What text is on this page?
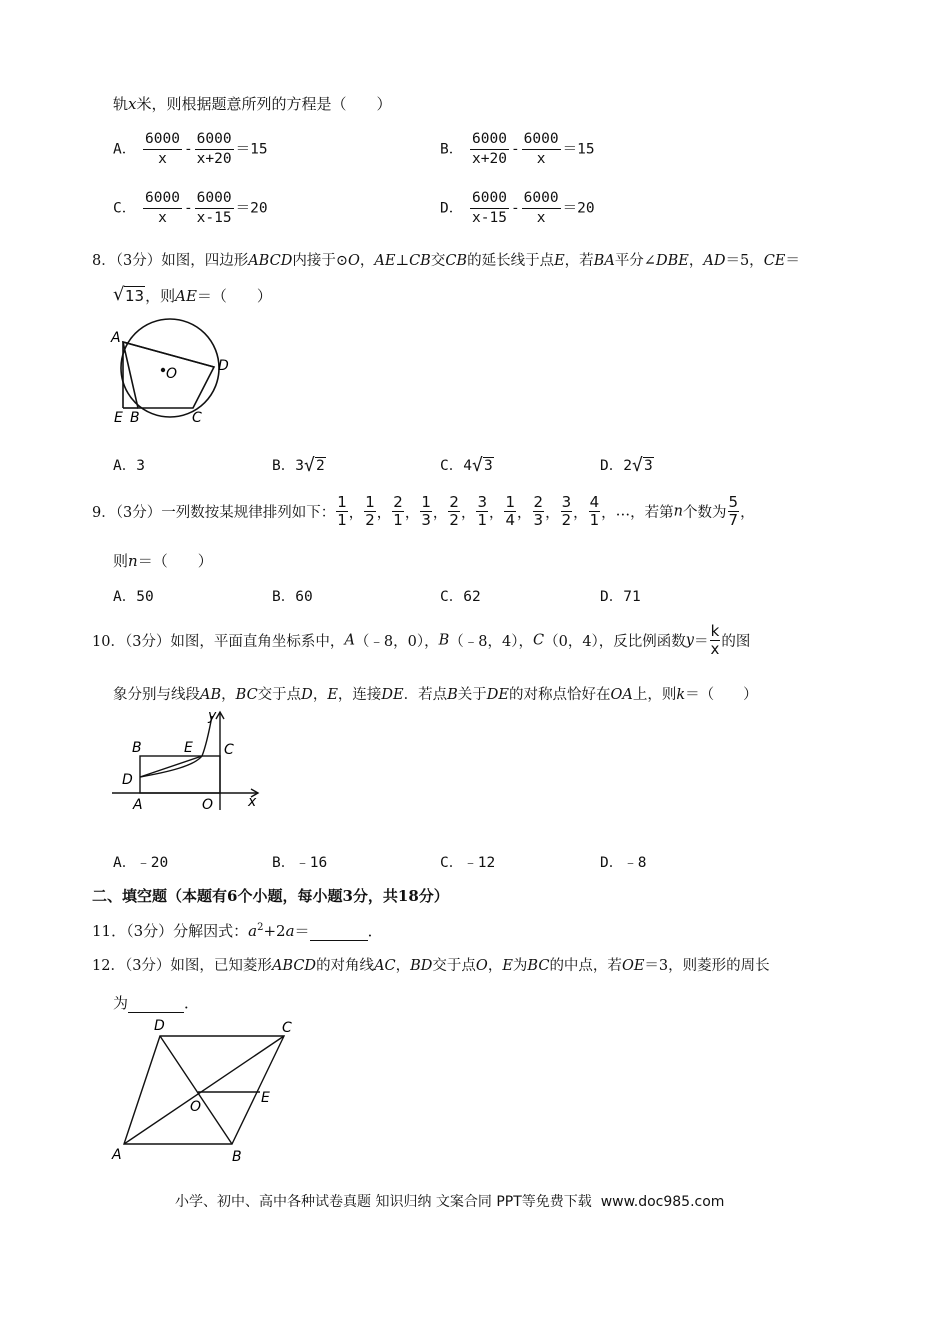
轨x米，则根据题意所列的方程是（　　）
A． $\frac{6000}{x} - \frac{6000}{x+20} =15$	B． $\frac{6000}{x+20} - \frac{6000}{x} =15$
C． $\frac{6000}{x} - \frac{6000}{x-15} =20$	D． $\frac{6000}{x-15} - \frac{6000}{x} =20$
8．（3分）如图，四边形ABCD内接于⊙O，AE⊥CB交CB的延长线于点E，若BA平分∠DBE，AD＝5，CE＝
√ 13，则AE＝（　　）
A
O	D
E B	C
A．3	B．3 √ 2	C．4 √ 3	D．2 √ 3
9．（3分）一列数按某规律排列如下： $\frac{1}{1}$ ， $\frac{1}{2}$ ， $\frac{2}{1}$ ， $\frac{1}{3}$ ， $\frac{2}{2}$ ， $\frac{3}{1}$ ， $\frac{1}{4}$ ， $\frac{2}{3}$ ， $\frac{3}{2}$ ， $\frac{4}{1}$ ，…，若第n个数为 $\frac{5}{7}$ ，
则n＝（　　）
A．50	B．60	C．62	D．71
10．（3分）如图，平面直角坐标系中，A（﹣8，0），B（﹣8，4），C（0，4），反比例函数$y= \frac{k}{x}$ 的图
象分别与线段AB，BC交于点D，E，连接DE．若点B关于DE的对称点恰好在OA上，则k＝（　　）
y
x
B	E C
D
A	O
A．﹣20	B．﹣16	C．﹣12	D．﹣8
二、填空题（本题有6个小题，每小题3分，共18分）
11．（3分）分解因式：$a^2+2a=$	．
12．（3分）如图，已知菱形ABCD的对角线AC，BD交于点O，E为BC的中点，若OE＝3，则菱形的周长
为	．
D	C
E
O
A	B
小学、初中、高中各种试卷真题 知识归纳 文案合同 PPT等免费下载 www.doc985.com
